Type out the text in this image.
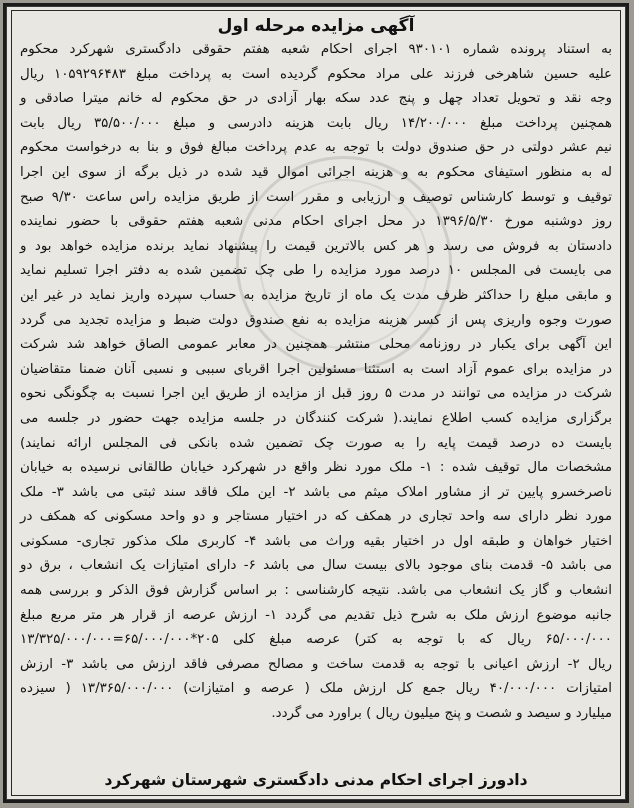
آگهی مزایده مرحله اول
به استناد پرونده شماره ۹۳۰۱۰۱ اجرای احکام شعبه هفتم حقوقی دادگستری شهرکرد محکوم
علیه حسین شاهرخی فرزند علی مراد محکوم گردیده است به پرداخت مبلغ ۱۰۵۹۲۹۶۴۸۳ ریال
وجه نقد و تحویل تعداد چهل و پنج عدد سکه بهار آزادی در حق محکوم له خانم میترا صادقی و
همچنین پرداخت مبلغ ۱۴/۲۰۰/۰۰۰ ریال بابت هزینه دادرسی و مبلغ ۳۵/۵۰۰/۰۰۰ ریال بابت
نیم عشر دولتی در حق صندوق دولت با توجه به عدم پرداخت مبالغ فوق و بنا به درخواست محکوم
له به منظور استیفای محکوم به و هزینه اجرائی اموال قید شده در ذیل برگه از سوی این اجرا
توقیف و توسط کارشناس توصیف و ارزیابی و مقرر است از طریق مزایده راس ساعت ۹/۳۰ صبح
روز دوشنبه مورخ ۱۳۹۶/۵/۳۰ در محل اجرای احکام مدنی شعبه هفتم حقوقی با حضور نماینده
دادستان به فروش می رسد و هر کس بالاترین قیمت را پیشنهاد نماید برنده مزایده خواهد بود و
می بایست فی المجلس ۱۰ درصد مورد مزایده را طی چک تضمین شده به دفتر اجرا تسلیم نماید
و مابقی مبلغ را حداکثر ظرف مدت یک ماه از تاریخ مزایده به حساب سپرده واریز نماید در غیر این
صورت وجوه واریزی پس از کسر هزینه مزایده به نفع صندوق دولت ضبط و مزایده تجدید می گردد
این آگهی برای یکبار در روزنامه محلی منتشر همچنین در معابر عمومی الصاق خواهد شد شرکت
در مزایده برای عموم آزاد است به استثنا مسئولین اجرا اقربای سببی و نسبی آنان ضمنا متقاضیان
شرکت در مزایده می توانند در مدت ۵ روز قبل از مزایده از طریق این اجرا نسبت به چگونگی نحوه
برگزاری مزایده کسب اطلاع نمایند.( شرکت کنندگان در جلسه مزایده جهت حضور در جلسه می
بایست ده درصد قیمت پایه را به صورت چک تضمین شده بانکی فی المجلس ارائه نمایند)
مشخصات مال توقیف شده : ۱- ملک مورد نظر واقع در شهرکرد خیابان طالقانی نرسیده به خیابان
ناصرخسرو پایین تر از مشاور املاک میثم می باشد ۲- این ملک فاقد سند ثبتی می باشد ۳- ملک
مورد نظر دارای سه واحد تجاری در همکف که در اختیار مستاجر و دو واحد مسکونی که همکف در
اختیار خواهان و طبقه اول در اختیار بقیه وراث می باشد ۴- کاربری ملک مذکور تجاری- مسکونی
می باشد ۵- قدمت بنای موجود بالای بیست سال می باشد ۶- دارای امتیازات یک انشعاب ، برق دو
انشعاب و گاز یک انشعاب می باشد. نتیجه کارشناسی : بر اساس گزارش فوق الذکر و بررسی همه
جانبه موضوع ارزش ملک به شرح ذیل تقدیم می گردد ۱- ارزش عرصه از قرار هر متر مربع مبلغ
۶۵/۰۰۰/۰۰۰ ریال که با توجه به کتر) عرصه مبلغ کلی ۲۰۵*۶۵/۰۰۰/۰۰۰=۱۳/۳۲۵/۰۰۰/۰۰۰
ریال ۲- ارزش اعیانی با توجه به قدمت ساخت و مصالح مصرفی فاقد ارزش می باشد ۳- ارزش
امتیازات ۴۰/۰۰۰/۰۰۰ ریال جمع کل ارزش ملک ( عرصه و امتیازات) ۱۳/۳۶۵/۰۰۰/۰۰۰ ( سیزده
میلیارد و سیصد و شصت و پنج میلیون ریال ) براورد می گردد.
دادورز اجرای احکام مدنی دادگستری شهرستان شهرکرد
